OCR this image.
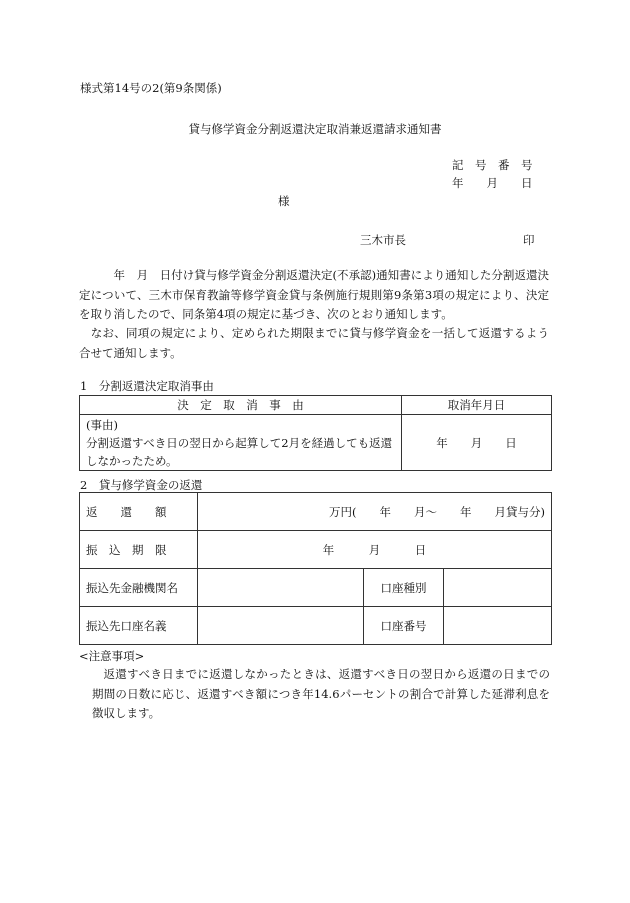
様式第14号の2(第9条関係)
貸与修学資金分割返還決定取消兼返還請求通知書
記　号　番　号
年　　月　　日
様
三木市長	印
　　年　月　日付け貸与修学資金分割返還決定(不承認)通知書により通知した分割返還決定について、三木市保育教諭等修学資金貸与条例施行規則第9条第3項の規定により、決定を取り消したので、同条第4項の規定に基づき、次のとおり通知します。
　なお、同項の規定により、定められた期限までに貸与修学資金を一括して返還するよう合せて通知します。
1　分割返還決定取消事由
決　定　取　消　事　由	取消年月日

(事由)
分割返還すべき日の翌日から起算して2月を経過しても返還しなかったため。	年　　月　　日
2　貸与修学資金の返還
返　　還　　額	万円(　　年　　月～　　年　　月貸与分)		
振　込　期　限	年　　　月　　　日		
振込先金融機関名		口座種別	
振込先口座名義		口座番号	
<注意事項>
返還すべき日までに返還しなかったときは、返還すべき日の翌日から返還の日までの期間の日数に応じ、返還すべき額につき年14.6パーセントの割合で計算した延滞利息を徴収します。
